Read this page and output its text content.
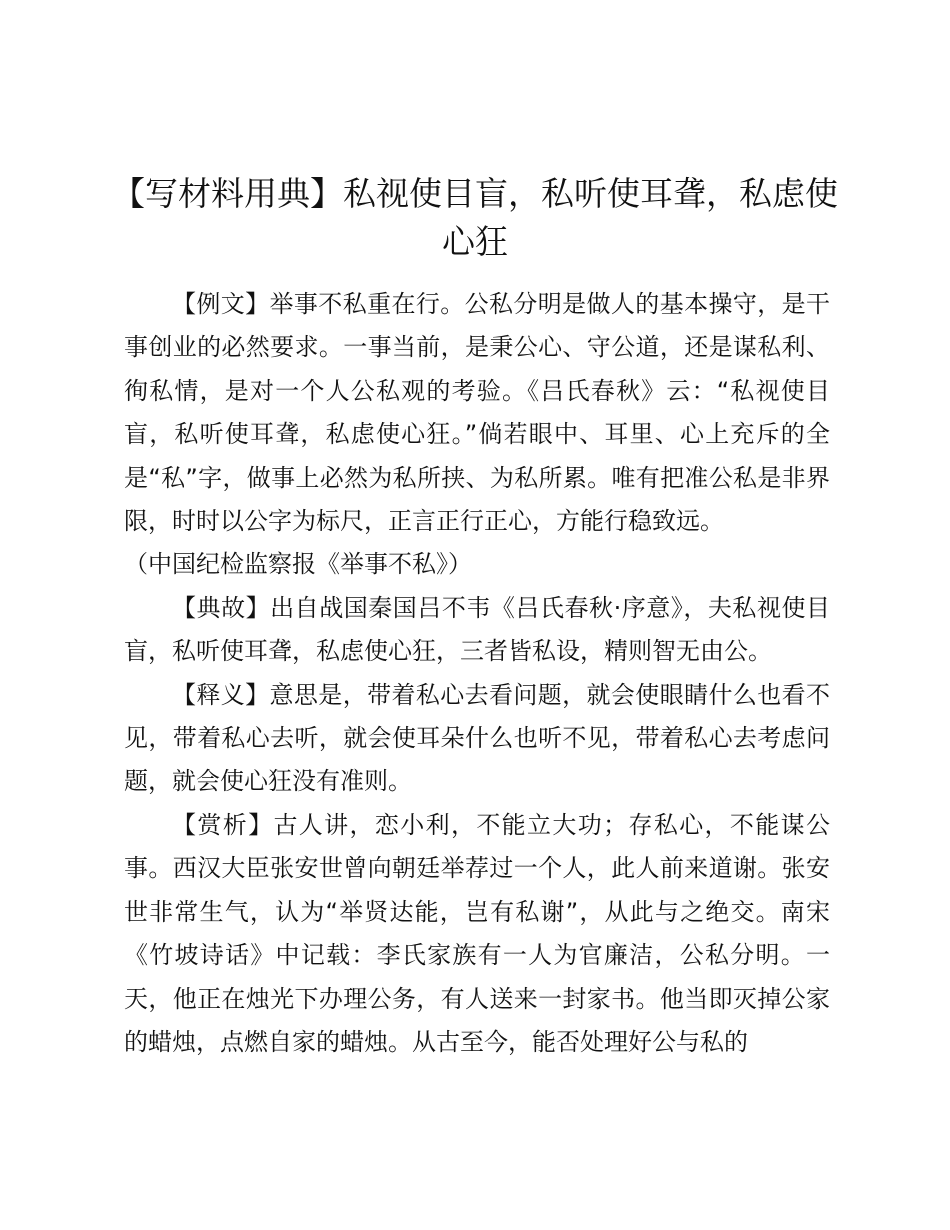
【写材料用典】私视使目盲，私听使耳聋，私虑使心狂

【例文】举事不私重在行。公私分明是做人的基本操守，是干事创业的必然要求。一事当前，是秉公心、守公道，还是谋私利、徇私情，是对一个人公私观的考验。《吕氏春秋》云：“私视使目盲，私听使耳聋，私虑使心狂。”倘若眼中、耳里、心上充斥的全是“私”字，做事上必然为私所挟、为私所累。唯有把准公私是非界限，时时以公字为标尺，正言正行正心，方能行稳致远。

（中国纪检监察报《举事不私》）

【典故】出自战国秦国吕不韦《吕氏春秋·序意》，夫私视使目盲，私听使耳聋，私虑使心狂，三者皆私设，精则智无由公。

【释义】意思是，带着私心去看问题，就会使眼睛什么也看不见，带着私心去听，就会使耳朵什么也听不见，带着私心去考虑问题，就会使心狂没有准则。

【赏析】古人讲，恋小利，不能立大功；存私心，不能谋公事。西汉大臣张安世曾向朝廷举荐过一个人，此人前来道谢。张安世非常生气，认为“举贤达能，岂有私谢”，从此与之绝交。南宋《竹坡诗话》中记载：李氏家族有一人为官廉洁，公私分明。一天，他正在烛光下办理公务，有人送来一封家书。他当即灭掉公家的蜡烛，点燃自家的蜡烛。从古至今，能否处理好公与私的
